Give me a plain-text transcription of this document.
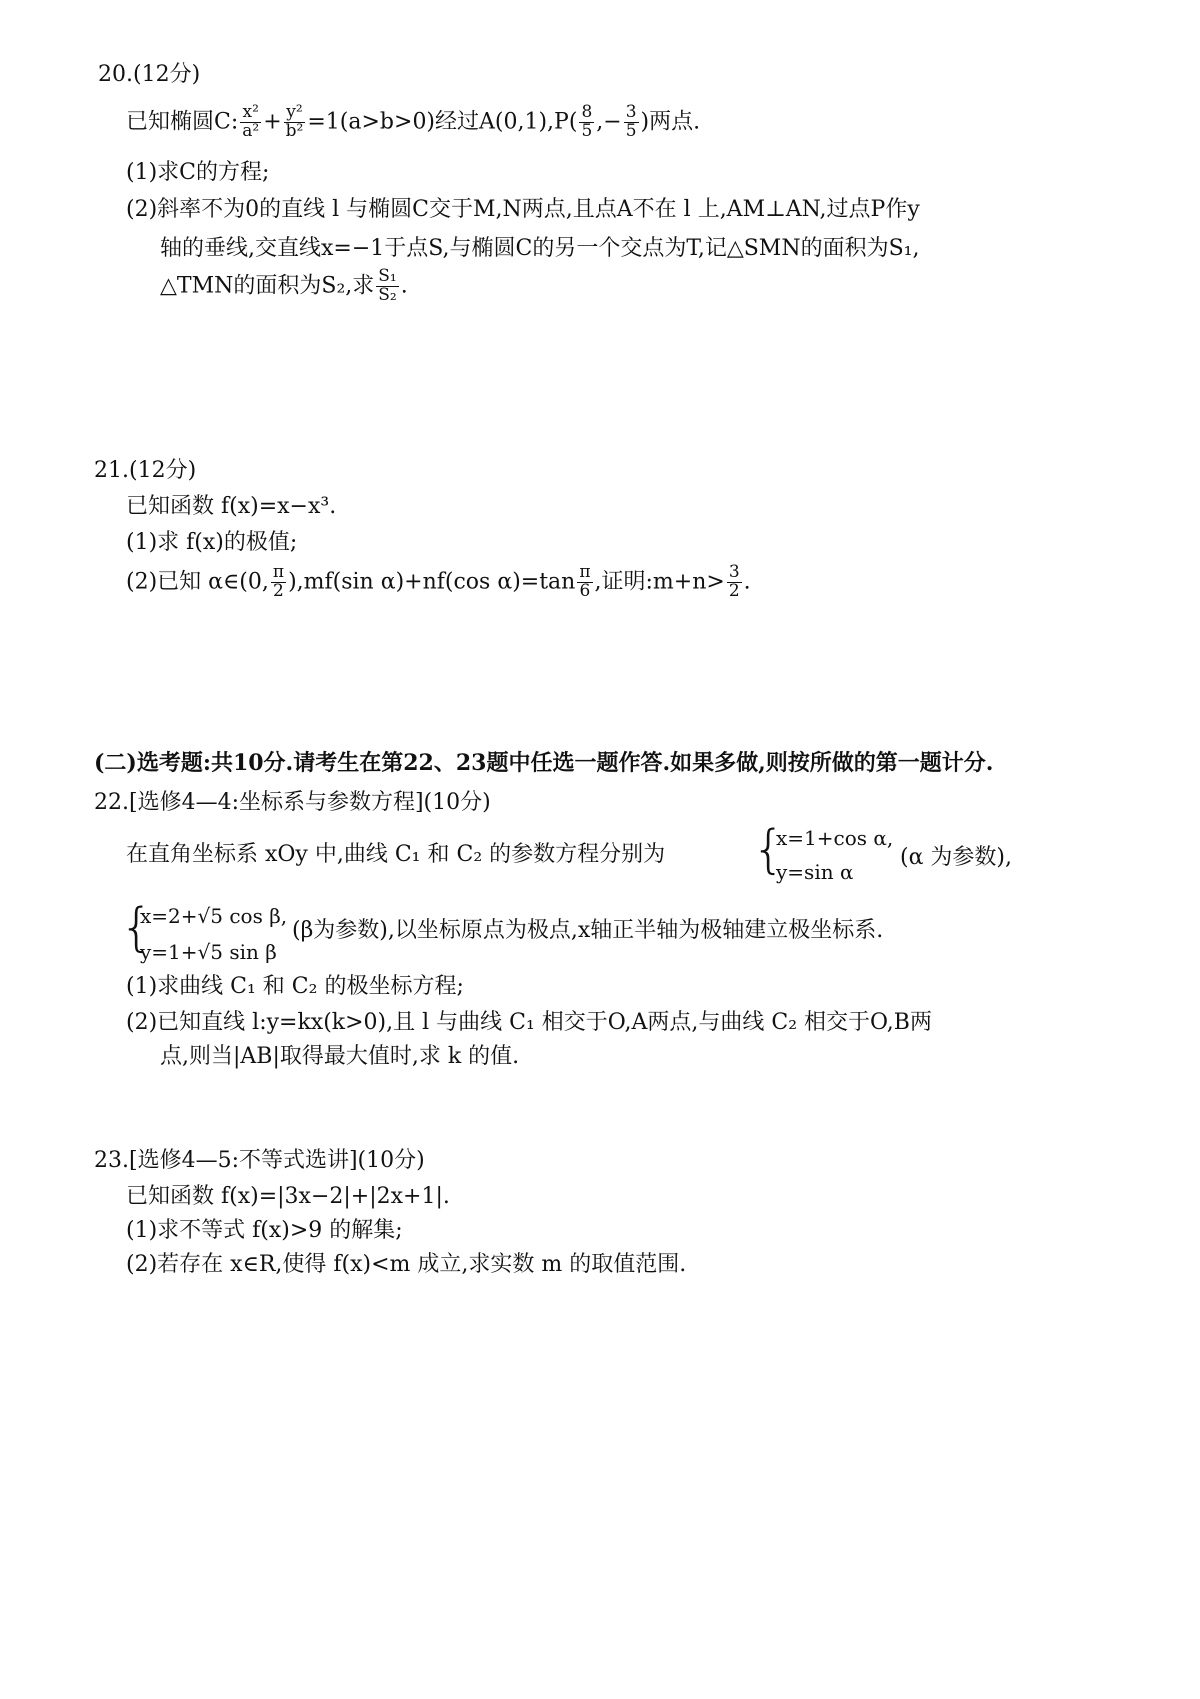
20.(12分)
已知椭圆C: $\frac{\text{x²}}{\text{a²}} + \frac{\text{y²}}{\text{b²}} =1(a>b>0)$经过$A(0,1),P( \frac{8}{5}$ ,− $\frac{3}{5}$ )两点.
(1)求C的方程;
(2)斜率不为0的直线 l 与椭圆C交于M,N两点,且点A不在 l 上,AM⊥AN,过点P作y
轴的垂线,交直线x=−1于点S,与椭圆C的另一个交点为T,记△SMN的面积为S₁,
△TMN的面积为S₂,求 $\frac{\text{S₁}}{\text{S₂}}$ .
21.(12分)
已知函数 f(x)=x−x³.
(1)求 f(x)的极值;
(2)已知 α∈(0, $\frac{\pi}{2} ),mf(\sin$ α)+nf(cos $\alpha)=\tan \frac{\pi}{6}$ ,证明:m+n> $\frac{3}{2}$ .
(二)选考题:共10分.请考生在第22、23题中任选一题作答.如果多做,则按所做的第一题计分.
22.[选修4—4:坐标系与参数方程](10分)
在直角坐标系 xOy 中,曲线 C₁ 和 C₂ 的参数方程分别为 {
x=1+cos α,
y=sin α
(α 为参数),
{
x=2+√5 cos β,
y=1+√5 sin β
(β为参数),以坐标原点为极点,x轴正半轴为极轴建立极坐标系.
(1)求曲线 C₁ 和 C₂ 的极坐标方程;
(2)已知直线 l:y=kx(k>0),且 l 与曲线 C₁ 相交于O,A两点,与曲线 C₂ 相交于O,B两
点,则当|AB|取得最大值时,求 k 的值.
23.[选修4—5:不等式选讲](10分)
已知函数 f(x)=|3x−2|+|2x+1|.
(1)求不等式 f(x)>9 的解集;
(2)若存在 x∈R,使得 f(x)<m 成立,求实数 m 的取值范围.
